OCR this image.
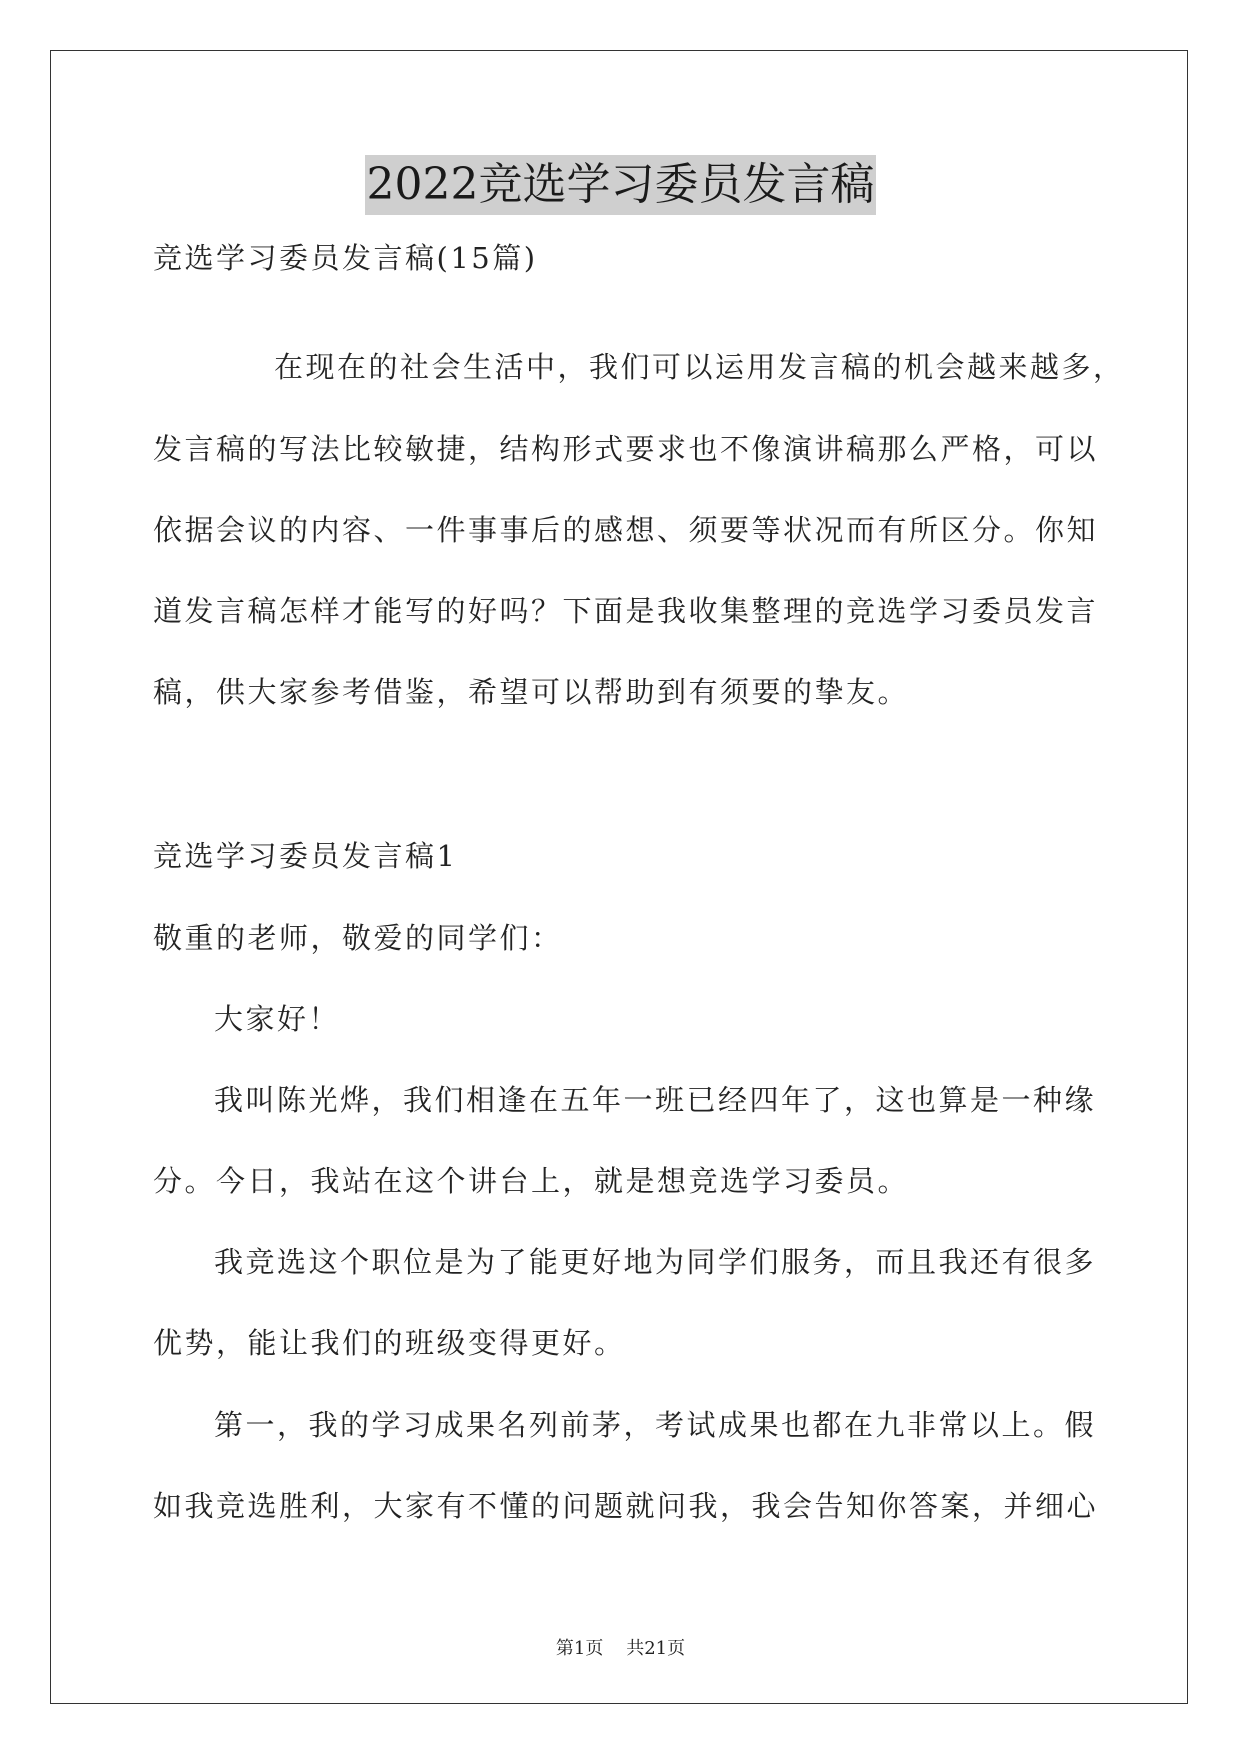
2022竞选学习委员发言稿
竞选学习委员发言稿(15篇)
在现在的社会生活中，我们可以运用发言稿的机会越来越多，
发言稿的写法比较敏捷，结构形式要求也不像演讲稿那么严格，可以
依据会议的内容、一件事事后的感想、须要等状况而有所区分。你知
道发言稿怎样才能写的好吗？下面是我收集整理的竞选学习委员发言
稿，供大家参考借鉴，希望可以帮助到有须要的挚友。
竞选学习委员发言稿1
敬重的老师，敬爱的同学们：
大家好！
我叫陈光烨，我们相逢在五年一班已经四年了，这也算是一种缘
分。今日，我站在这个讲台上，就是想竞选学习委员。
我竞选这个职位是为了能更好地为同学们服务，而且我还有很多
优势，能让我们的班级变得更好。
第一，我的学习成果名列前茅，考试成果也都在九非常以上。假
如我竞选胜利，大家有不懂的问题就问我，我会告知你答案，并细心
第1页 共21页
